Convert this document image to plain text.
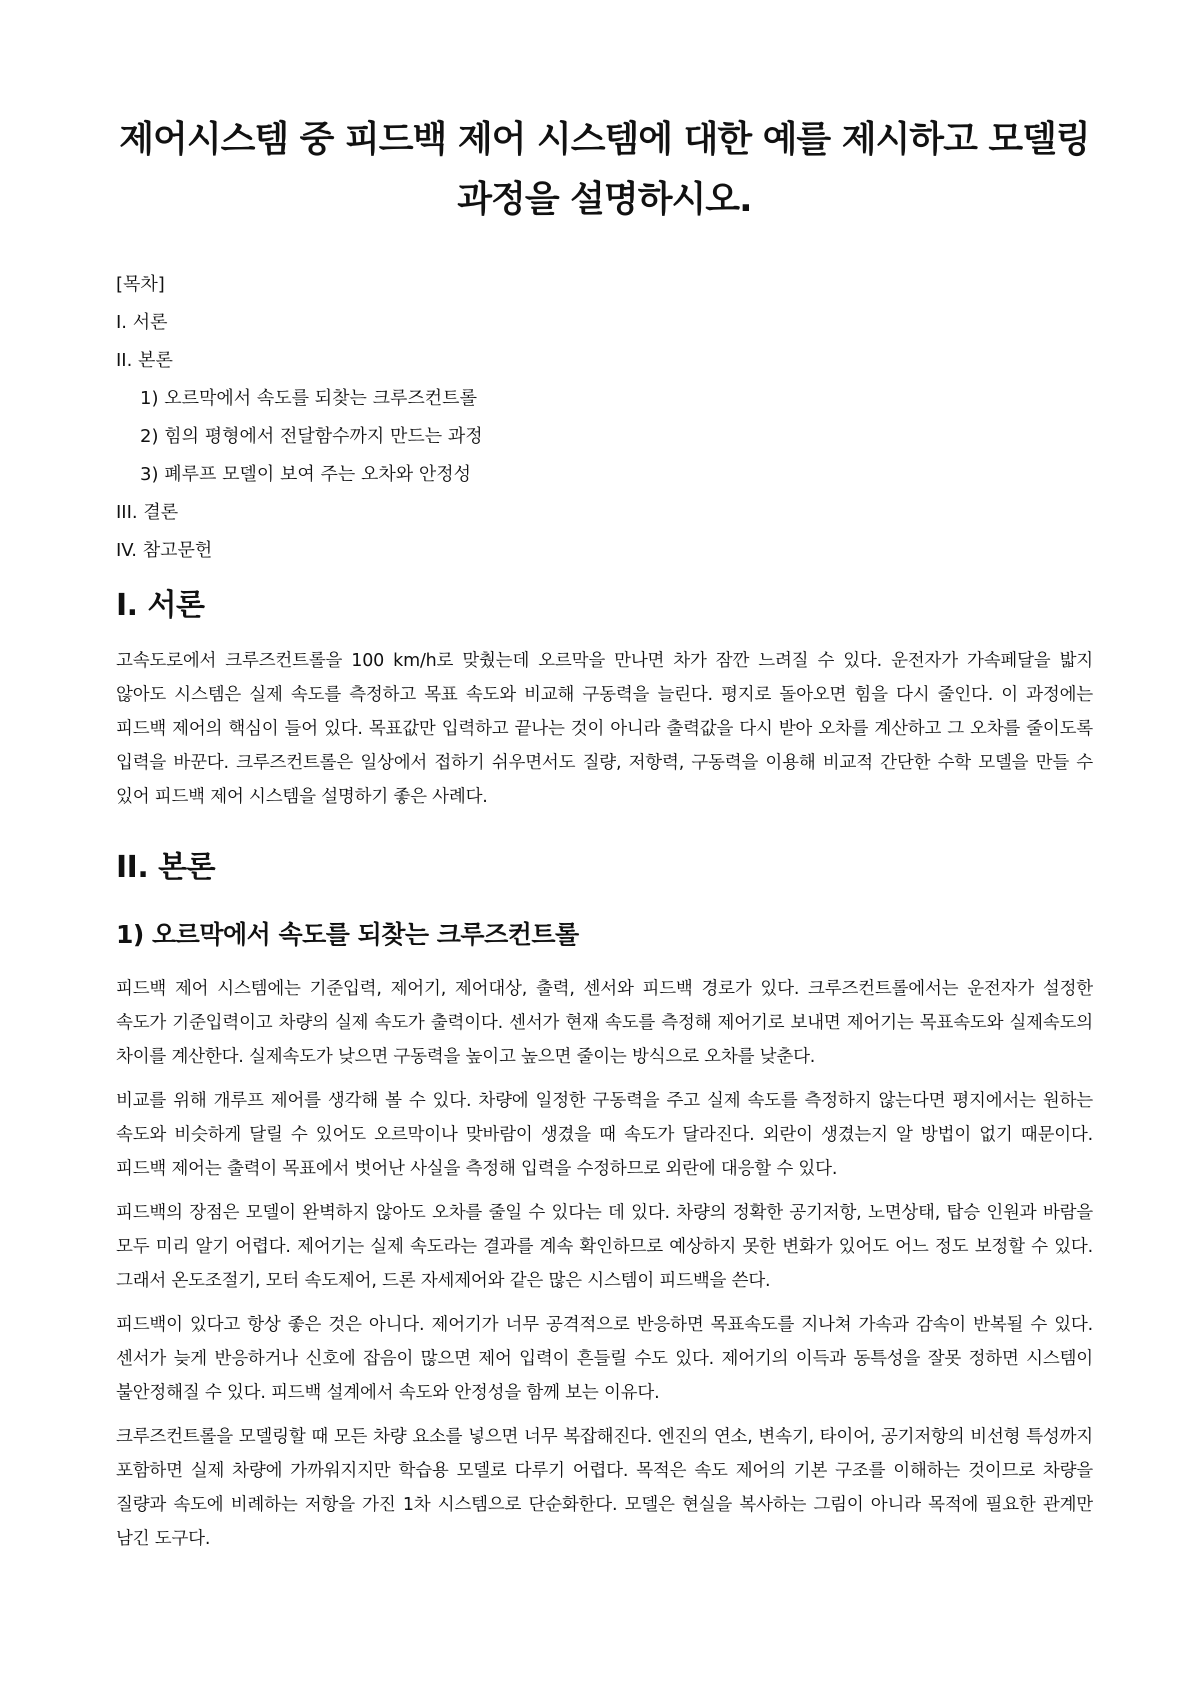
제어시스템 중 피드백 제어 시스템에 대한 예를 제시하고 모델링 과정을 설명하시오.
[목차]
I. 서론
II. 본론
1) 오르막에서 속도를 되찾는 크루즈컨트롤
2) 힘의 평형에서 전달함수까지 만드는 과정
3) 폐루프 모델이 보여 주는 오차와 안정성
III. 결론
IV. 참고문헌
I. 서론

고속도로에서 크루즈컨트롤을 100 km/h로 맞췄는데 오르막을 만나면 차가 잠깐 느려질 수 있다. 운전자가 가속페달을 밟지 않아도 시스템은 실제 속도를 측정하고 목표 속도와 비교해 구동력을 늘린다. 평지로 돌아오면 힘을 다시 줄인다. 이 과정에는 피드백 제어의 핵심이 들어 있다. 목표값만 입력하고 끝나는 것이 아니라 출력값을 다시 받아 오차를 계산하고 그 오차를 줄이도록 입력을 바꾼다. 크루즈컨트롤은 일상에서 접하기 쉬우면서도 질량, 저항력, 구동력을 이용해 비교적 간단한 수학 모델을 만들 수 있어 피드백 제어 시스템을 설명하기 좋은 사례다.

II. 본론
1) 오르막에서 속도를 되찾는 크루즈컨트롤

피드백 제어 시스템에는 기준입력, 제어기, 제어대상, 출력, 센서와 피드백 경로가 있다. 크루즈컨트롤에서는 운전자가 설정한 속도가 기준입력이고 차량의 실제 속도가 출력이다. 센서가 현재 속도를 측정해 제어기로 보내면 제어기는 목표속도와 실제속도의 차이를 계산한다. 실제속도가 낮으면 구동력을 높이고 높으면 줄이는 방식으로 오차를 낮춘다.

비교를 위해 개루프 제어를 생각해 볼 수 있다. 차량에 일정한 구동력을 주고 실제 속도를 측정하지 않는다면 평지에서는 원하는 속도와 비슷하게 달릴 수 있어도 오르막이나 맞바람이 생겼을 때 속도가 달라진다. 외란이 생겼는지 알 방법이 없기 때문이다. 피드백 제어는 출력이 목표에서 벗어난 사실을 측정해 입력을 수정하므로 외란에 대응할 수 있다.

피드백의 장점은 모델이 완벽하지 않아도 오차를 줄일 수 있다는 데 있다. 차량의 정확한 공기저항, 노면상태, 탑승 인원과 바람을 모두 미리 알기 어렵다. 제어기는 실제 속도라는 결과를 계속 확인하므로 예상하지 못한 변화가 있어도 어느 정도 보정할 수 있다. 그래서 온도조절기, 모터 속도제어, 드론 자세제어와 같은 많은 시스템이 피드백을 쓴다.

피드백이 있다고 항상 좋은 것은 아니다. 제어기가 너무 공격적으로 반응하면 목표속도를 지나쳐 가속과 감속이 반복될 수 있다. 센서가 늦게 반응하거나 신호에 잡음이 많으면 제어 입력이 흔들릴 수도 있다. 제어기의 이득과 동특성을 잘못 정하면 시스템이 불안정해질 수 있다. 피드백 설계에서 속도와 안정성을 함께 보는 이유다.

크루즈컨트롤을 모델링할 때 모든 차량 요소를 넣으면 너무 복잡해진다. 엔진의 연소, 변속기, 타이어, 공기저항의 비선형 특성까지 포함하면 실제 차량에 가까워지지만 학습용 모델로 다루기 어렵다. 목적은 속도 제어의 기본 구조를 이해하는 것이므로 차량을 질량과 속도에 비례하는 저항을 가진 1차 시스템으로 단순화한다. 모델은 현실을 복사하는 그림이 아니라 목적에 필요한 관계만 남긴 도구다.
